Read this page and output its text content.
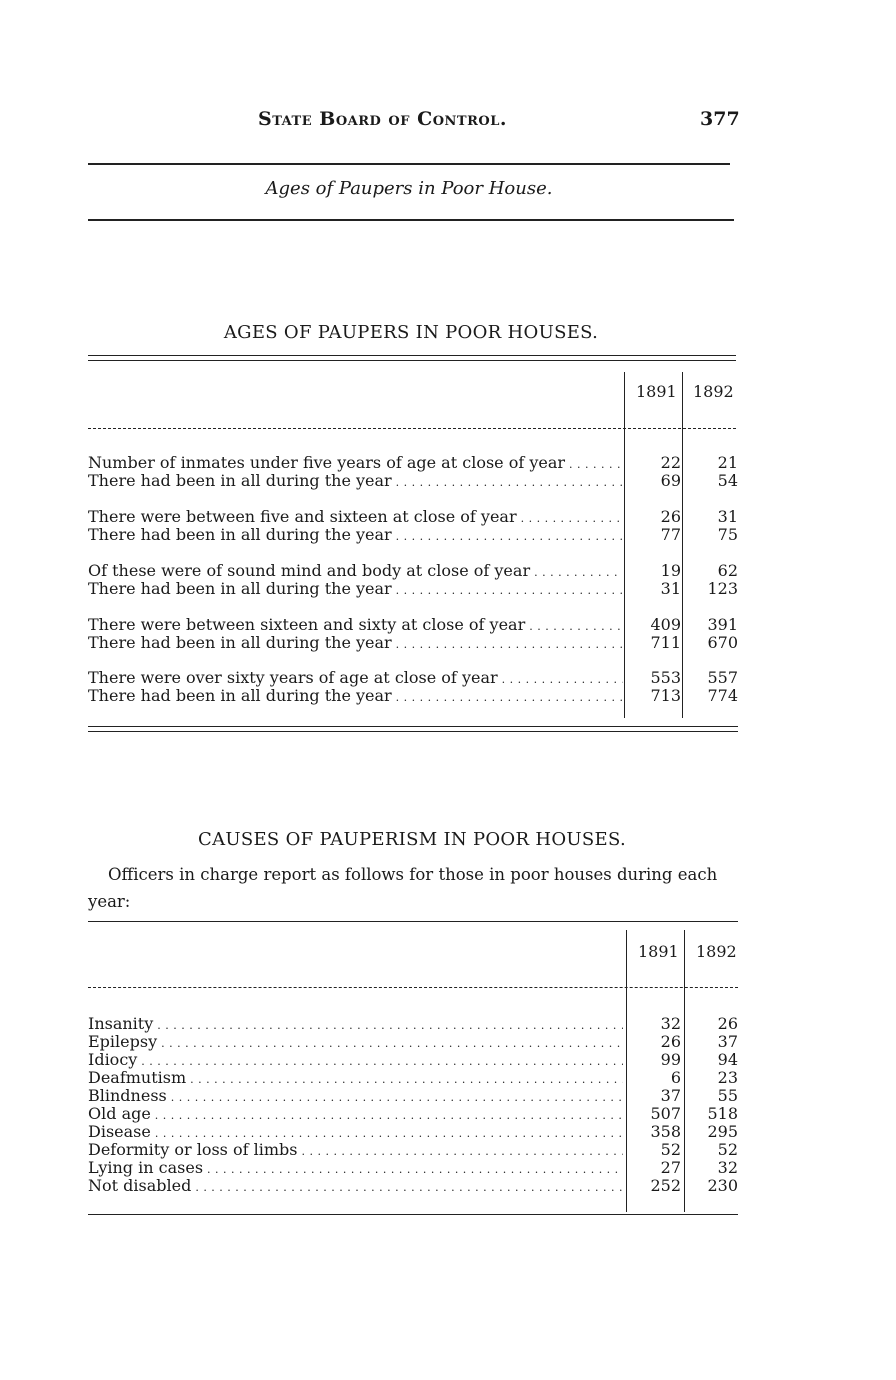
State Board of Control.	377
Ages of Paupers in Poor House.
AGES OF PAUPERS IN POOR HOUSES.
1891 1892
Number of inmates under five years of age at close of year . . .	22 21
There had been in all during the year . . .	69 54
There were between five and sixteen at close of year . . .	26 31
There had been in all during the year . . .	77 75
Of these were of sound mind and body at close of year . . .	19 62
There had been in all during the year . . .	31 123
There were between sixteen and sixty at close of year . . .	409 391
There had been in all during the year . . .	711 670
There were over sixty years of age at close of year . . .	553 557
There had been in all during the year . . .	713 774
CAUSES OF PAUPERISM IN POOR HOUSES.
Officers in charge report as follows for those in poor houses during each year:
1891 1892
Insanity . . .	32 26
Epilepsy . . .	26 37
Idiocy . . .	99 94
Deafmutism . . .	6 23
Blindness . . .	37 55
Old age . . .	507 518
Disease . . .	358 295
Deformity or loss of limbs . . .	52 52
Lying in cases . . .	27 32
Not disabled . . .	252 230
